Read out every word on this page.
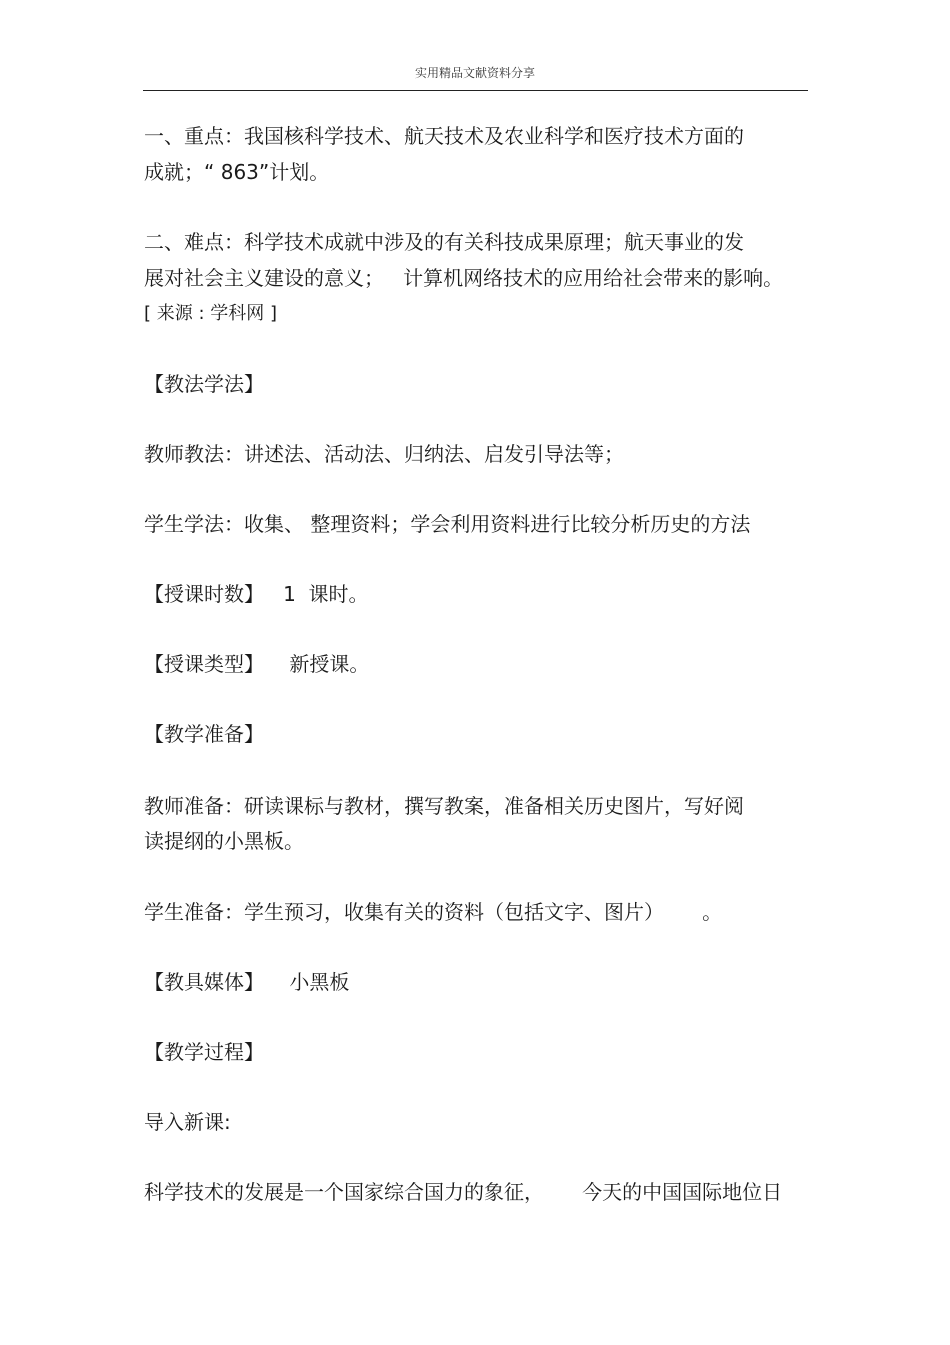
实用精品文献资料分享
一、重点：我国核科学技术、航天技术及农业科学和医疗技术方面的
成就；“ 863”计划。
二、难点：科学技术成就中涉及的有关科技成果原理；航天事业的发
展对社会主义建设的意义；   计算机网络技术的应用给社会带来的影响。
[ 来源 : 学科网 ]
【教法学法】
教师教法：讲述法、活动法、归纳法、启发引导法等；
学生学法：收集、 整理资料；学会利用资料进行比较分析历史的方法
【授课时数】   1  课时。
【授课类型】    新授课。
【教学准备】
教师准备：研读课标与教材，撰写教案，准备相关历史图片，写好阅
读提纲的小黑板。
学生准备：学生预习，收集有关的资料（包括文字、图片）      。
【教具媒体】    小黑板
【教学过程】
导入新课:
科学技术的发展是一个国家综合国力的象征，      今天的中国国际地位日
